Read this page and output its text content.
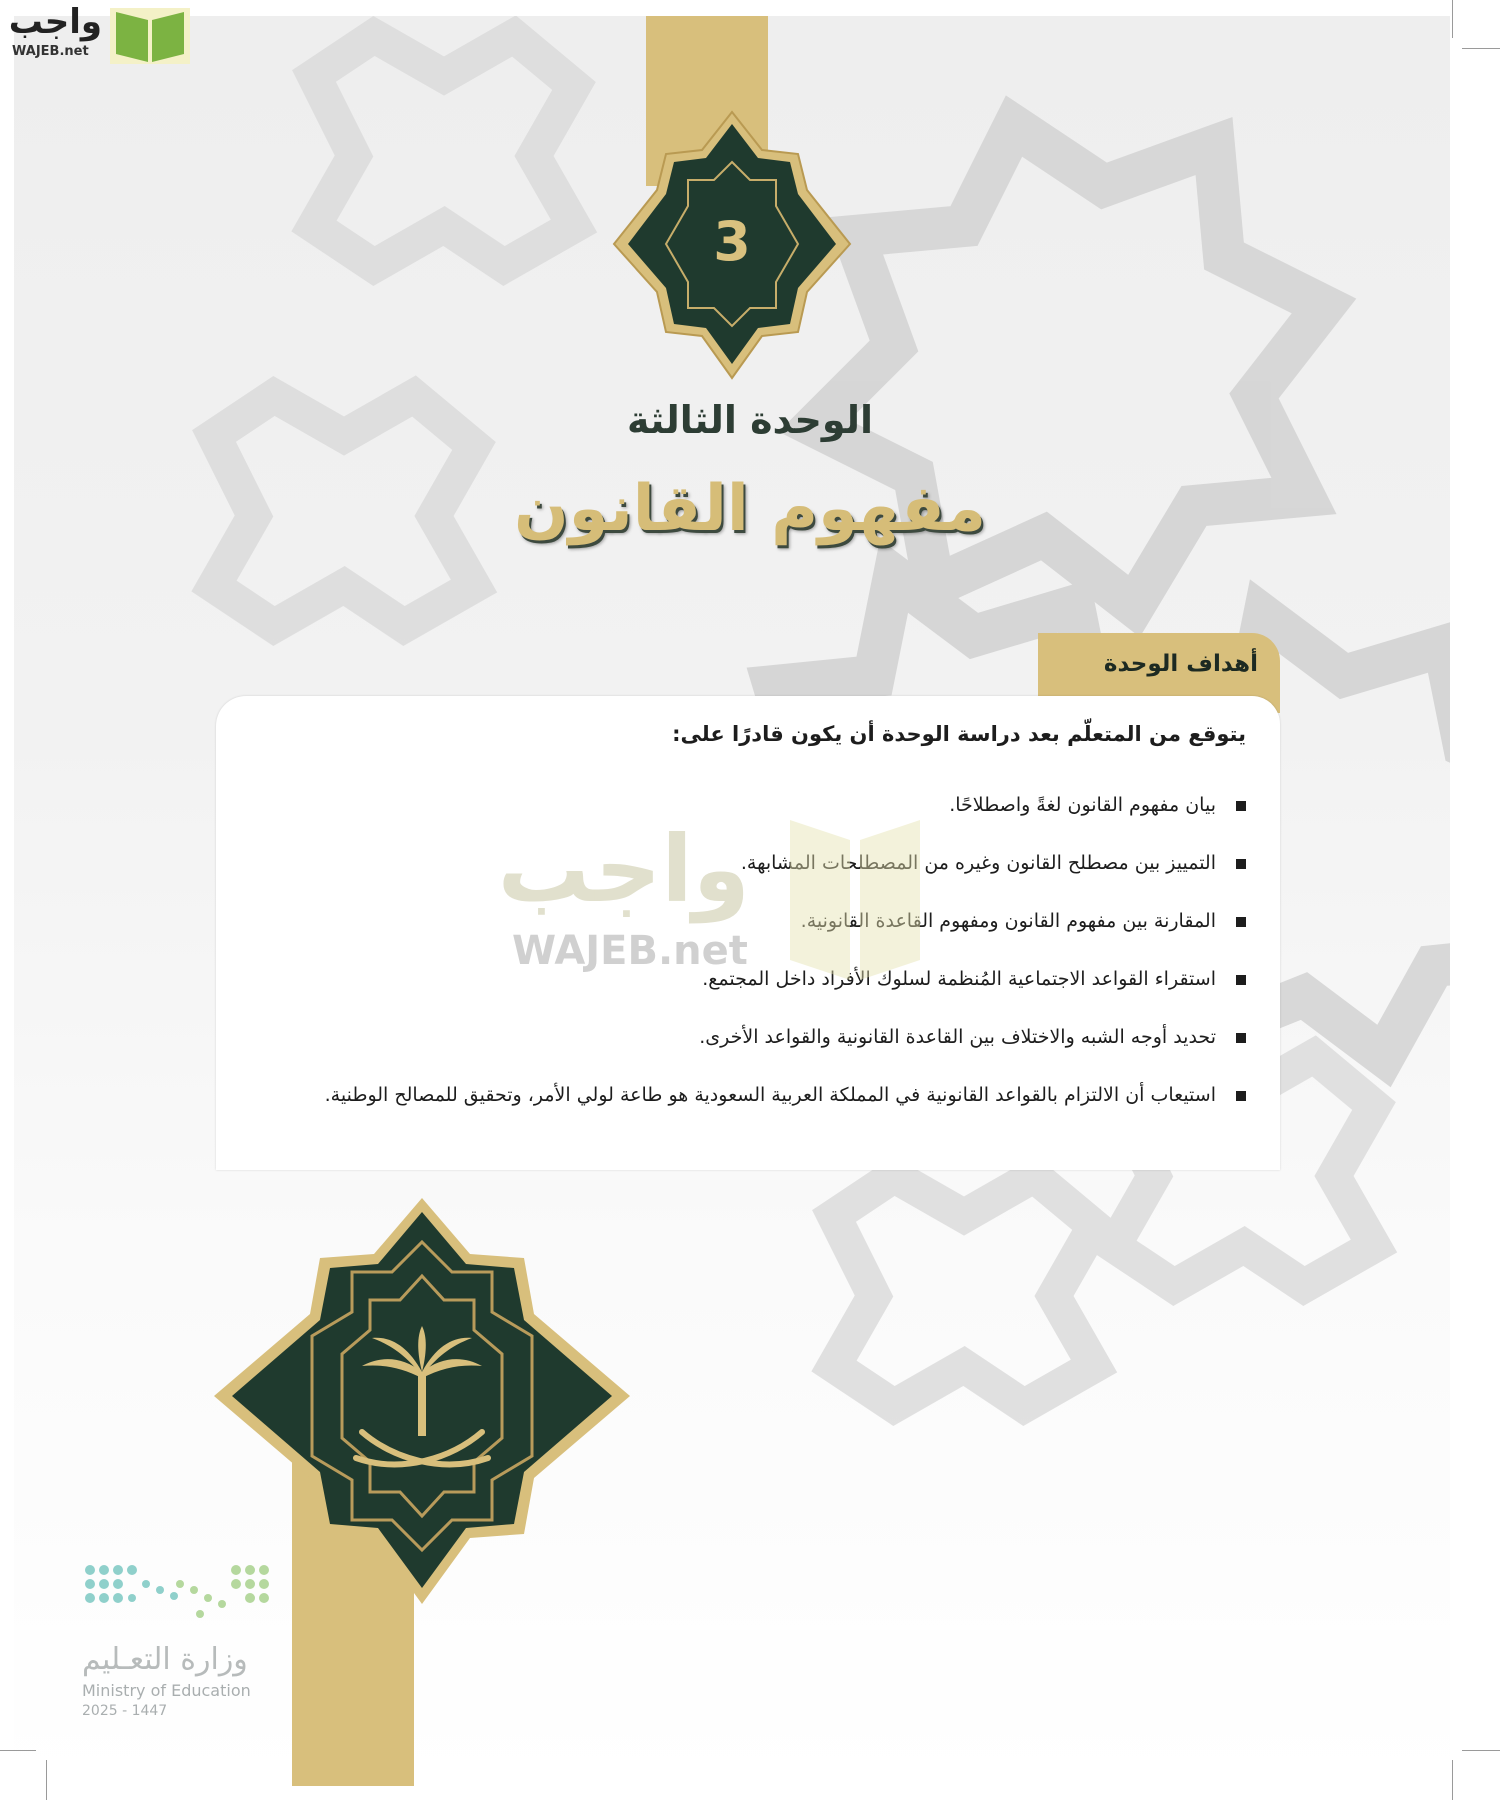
3
الوحدة الثالثة
مفهوم القانون
أهداف الوحدة
يتوقع من المتعلّم بعد دراسة الوحدة أن يكون قادرًا على:
بيان مفهوم القانون لغةً واصطلاحًا.
التمييز بين مصطلح القانون وغيره من المصطلحات المشابهة.
المقارنة بين مفهوم القانون ومفهوم القاعدة القانونية.
استقراء القواعد الاجتماعية المُنظمة لسلوك الأفراد داخل المجتمع.
تحديد أوجه الشبه والاختلاف بين القاعدة القانونية والقواعد الأخرى.
استيعاب أن الالتزام بالقواعد القانونية في المملكة العربية السعودية هو طاعة لولي الأمر، وتحقيق للمصالح الوطنية.
واجب
WAJEB.net
وزارة التعـليم
Ministry of Education
2025 - 1447
واجب
WAJEB.net
